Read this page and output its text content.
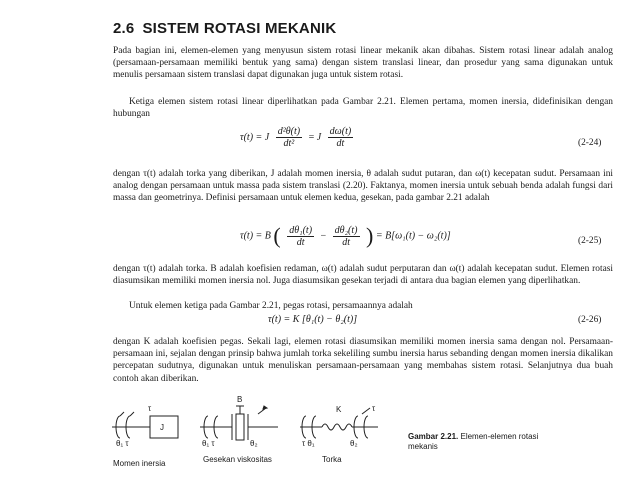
2.6 SISTEM ROTASI MEKANIK
Pada bagian ini, elemen-elemen yang menyusun sistem rotasi linear mekanik akan dibahas. Sistem rotasi linear adalah analog (persamaan-persamaan memiliki bentuk yang sama) dengan sistem translasi linear, dan prosedur yang sama digunakan untuk menulis persamaan sistem translasi dapat digunakan juga untuk sistem rotasi.
Ketiga elemen sistem rotasi linear diperlihatkan pada Gambar 2.21. Elemen pertama, momen inersia, didefinisikan dengan hubungan
τ(t) = J $\frac{\text{d²θ(t)}}{\text{dt²}} = J \frac{d\omega(t)}{dt}$	(2-24)
dengan τ(t) adalah torka yang diberikan, J adalah momen inersia, θ adalah sudut putaran, dan ω(t) kecepatan sudut. Persamaan ini analog dengan persamaan untuk massa pada sistem translasi (2.20). Faktanya, momen inersia untuk sebuah benda adalah fungsi dari massa dan geometrinya. Definisi persamaan untuk elemen kedua, gesekan, pada gambar 2.21 adalah
τ(t) = B ( $\frac{\text{dθ₁(t)}}{dt} - \frac{\text{dθ₂(t)}}{dt}$ ) = B[ω₁(t) − ω₂(t)]	(2-25)
dengan τ(t) adalah torka. B adalah koefisien redaman, ω(t) adalah sudut perputaran dan ω(t) adalah kecepatan sudut. Elemen rotasi diasumsikan memiliki momen inersia nol. Juga diasumsikan gesekan terjadi di antara dua bagian elemen yang diperlihatkan.
Untuk elemen ketiga pada Gambar 2.21, pegas rotasi, persamaannya adalah
τ(t) = K [θ₁(t) − θ₂(t)]	(2-26)
dengan K adalah koefisien pegas. Sekali lagi, elemen rotasi diasumsikan memiliki momen inersia sama dengan nol. Persamaan-persamaan ini, sejalan dengan prinsip bahwa jumlah torka sekeliling sumbu inersia harus sebanding dengan momen inersia dikalikan percepatan sudutnya, digunakan untuk menuliskan persamaan-persamaan yang membahas sistem rotasi. Selanjutnya dua buah contoh akan diberikan.
J
B
K
τ
θ₁ τ	θ₁ τ	θ₂	τ θ₁	θ₂
τ
Momen inersia	Gesekan viskositas	Torka
Gambar 2.21. Elemen-elemen rotasi mekanis
